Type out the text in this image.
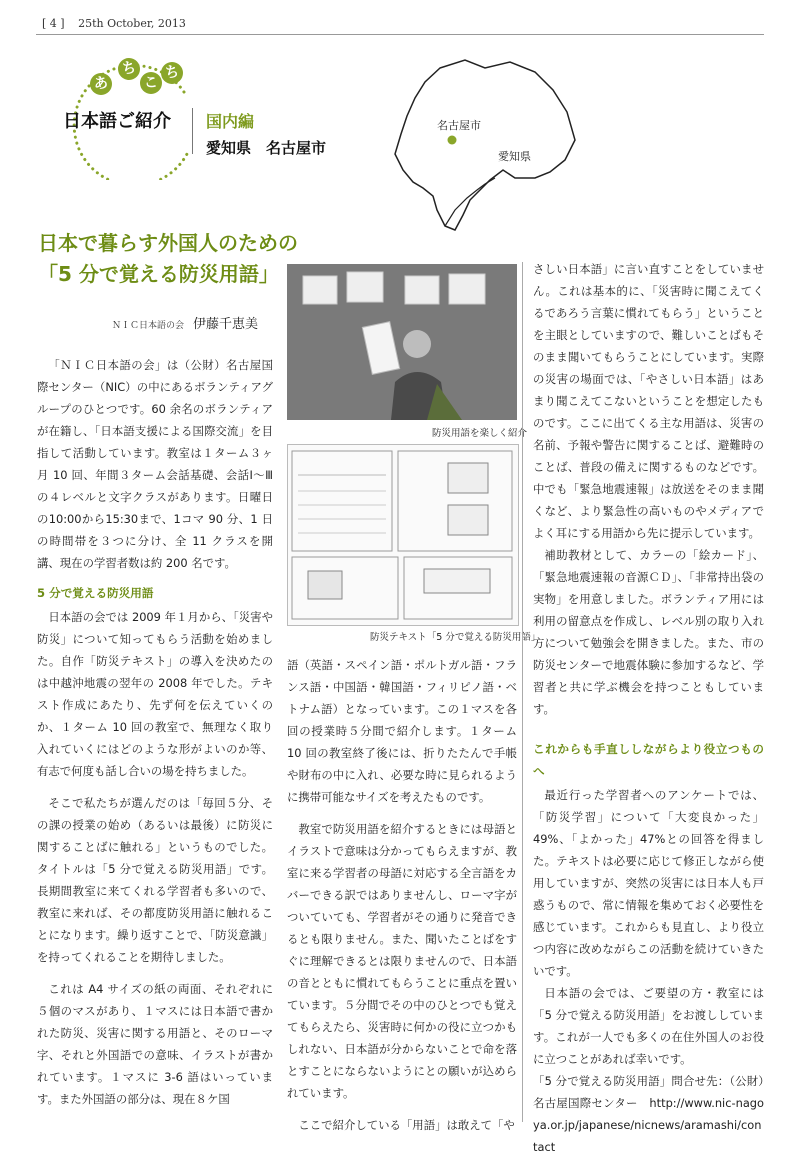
[ 4 ] 25th October, 2013
あ
ち
こ
ち
日本語ご紹介 国内編
愛知県　名古屋市
名古屋市
愛知県
日本で暮らす外国人のための
「5 分で覚える防災用語」
ＮＩＣ日本語の会 伊藤千恵美

「ＮＩＣ日本語の会」は（公財）名古屋国際センター（NIC）の中にあるボランティアグループのひとつです。60 余名のボランティアが在籍し、「日本語支援による国際交流」を目指して活動しています。教室は１ターム３ヶ月 10 回、年間３ターム会話基礎、会話Ⅰ～Ⅲの４レベルと文字クラスがあります。日曜日の10:00から15:30まで、1コマ 90 分、1 日の時間帯を３つに分け、全 11 クラスを開講、現在の学習者数は約 200 名です。

5 分で覚える防災用語

日本語の会では 2009 年１月から、「災害や防災」について知ってもらう活動を始めました。自作「防災テキスト」の導入を決めたのは中越沖地震の翌年の 2008 年でした。テキスト作成にあたり、先ず何を伝えていくのか、１ターム 10 回の教室で、無理なく取り入れていくにはどのような形がよいのか等、有志で何度も話し合いの場を持ちました。

そこで私たちが選んだのは「毎回５分、その課の授業の始め（あるいは最後）に防災に関することばに触れる」というものでした。タイトルは「5 分で覚える防災用語」です。長期間教室に来てくれる学習者も多いので、教室に来れば、その都度防災用語に触れることになります。繰り返すことで、「防災意識」を持ってくれることを期待しました。

これは A4 サイズの紙の両面、それぞれに５個のマスがあり、１マスには日本語で書かれた防災、災害に関する用語と、そのローマ字、それと外国語での意味、イラストが書かれています。１マスに 3-6 語はいっています。また外国語の部分は、現在８ケ国

防災用語を楽しく紹介
防災テキスト「5 分で覚える防災用語」

語（英語・スペイン語・ポルトガル語・フランス語・中国語・韓国語・フィリピノ語・ベトナム語）となっています。この１マスを各回の授業時５分間で紹介します。１ターム 10 回の教室終了後には、折りたたんで手帳や財布の中に入れ、必要な時に見られるように携帯可能なサイズを考えたものです。

教室で防災用語を紹介するときには母語とイラストで意味は分かってもらえますが、教室に来る学習者の母語に対応する全言語をカバーできる訳ではありませんし、ローマ字がついていても、学習者がその通りに発音できるとも限りません。また、聞いたことばをすぐに理解できるとは限りませんので、日本語の音とともに慣れてもらうことに重点を置いています。５分間でその中のひとつでも覚えてもらえたら、災害時に何かの役に立つかもしれない、日本語が分からないことで命を落とすことにならないようにとの願いが込められています。

ここで紹介している「用語」は敢えて「や

さしい日本語」に言い直すことをしていません。これは基本的に、「災害時に聞こえてくるであろう言葉に慣れてもらう」ということを主眼としていますので、難しいことばもそのまま聞いてもらうことにしています。実際の災害の場面では、「やさしい日本語」はあまり聞こえてこないということを想定したものです。ここに出てくる主な用語は、災害の名前、予報や警告に関することば、避難時のことば、普段の備えに関するものなどです。中でも「緊急地震速報」は放送をそのまま聞くなど、より緊急性の高いものやメディアでよく耳にする用語から先に提示しています。

補助教材として、カラーの「絵カード」、「緊急地震速報の音源ＣＤ」、「非常持出袋の実物」を用意しました。ボランティア用には利用の留意点を作成し、レベル別の取り入れ方について勉強会を開きました。また、市の防災センターで地震体験に参加するなど、学習者と共に学ぶ機会を持つこともしています。

これからも手直ししながらより役立つものへ

最近行った学習者へのアンケートでは、「防災学習」について「大変良かった」49%、「よかった」47%との回答を得ました。テキストは必要に応じて修正しながら使用していますが、突然の災害には日本人も戸惑うもので、常に情報を集めておく必要性を感じています。これからも見直し、より役立つ内容に改めながらこの活動を続けていきたいです。

日本語の会では、ご要望の方・教室には「5 分で覚える防災用語」をお渡ししています。これが一人でも多くの在住外国人のお役に立つことがあれば幸いです。

「5 分で覚える防災用語」問合せ先：（公財）名古屋国際センター　http://www.nic-nagoya.or.jp/japanese/nicnews/aramashi/contact
